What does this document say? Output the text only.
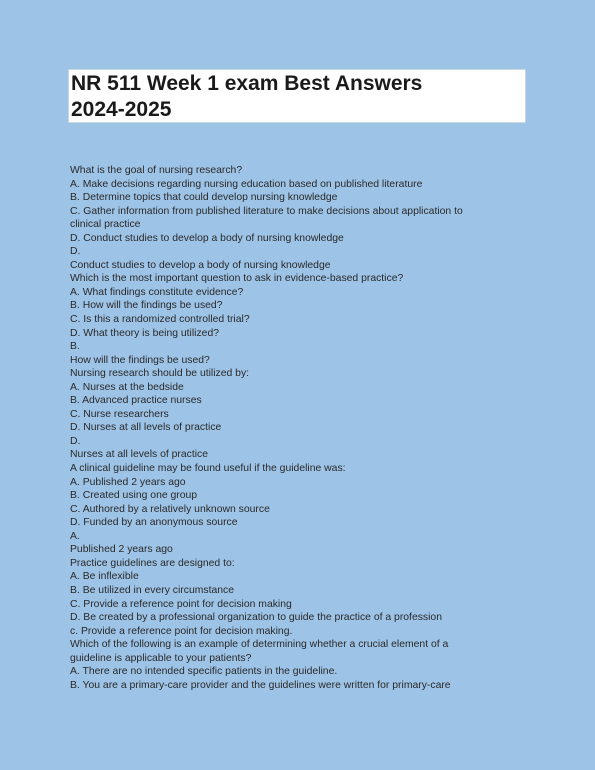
NR 511 Week 1 exam Best Answers
2024-2025
What is the goal of nursing research?
A. Make decisions regarding nursing education based on published literature
B. Determine topics that could develop nursing knowledge
C. Gather information from published literature to make decisions about application to
clinical practice
D. Conduct studies to develop a body of nursing knowledge
D.
Conduct studies to develop a body of nursing knowledge
Which is the most important question to ask in evidence-based practice?
A. What findings constitute evidence?
B. How will the findings be used?
C. Is this a randomized controlled trial?
D. What theory is being utilized?
B.
How will the findings be used?
Nursing research should be utilized by:
A. Nurses at the bedside
B. Advanced practice nurses
C. Nurse researchers
D. Nurses at all levels of practice
D.
Nurses at all levels of practice
A clinical guideline may be found useful if the guideline was:
A. Published 2 years ago
B. Created using one group
C. Authored by a relatively unknown source
D. Funded by an anonymous source
A.
Published 2 years ago
Practice guidelines are designed to:
A. Be inflexible
B. Be utilized in every circumstance
C. Provide a reference point for decision making
D. Be created by a professional organization to guide the practice of a profession
c. Provide a reference point for decision making.
Which of the following is an example of determining whether a crucial element of a
guideline is applicable to your patients?
A. There are no intended specific patients in the guideline.
B. You are a primary-care provider and the guidelines were written for primary-care
